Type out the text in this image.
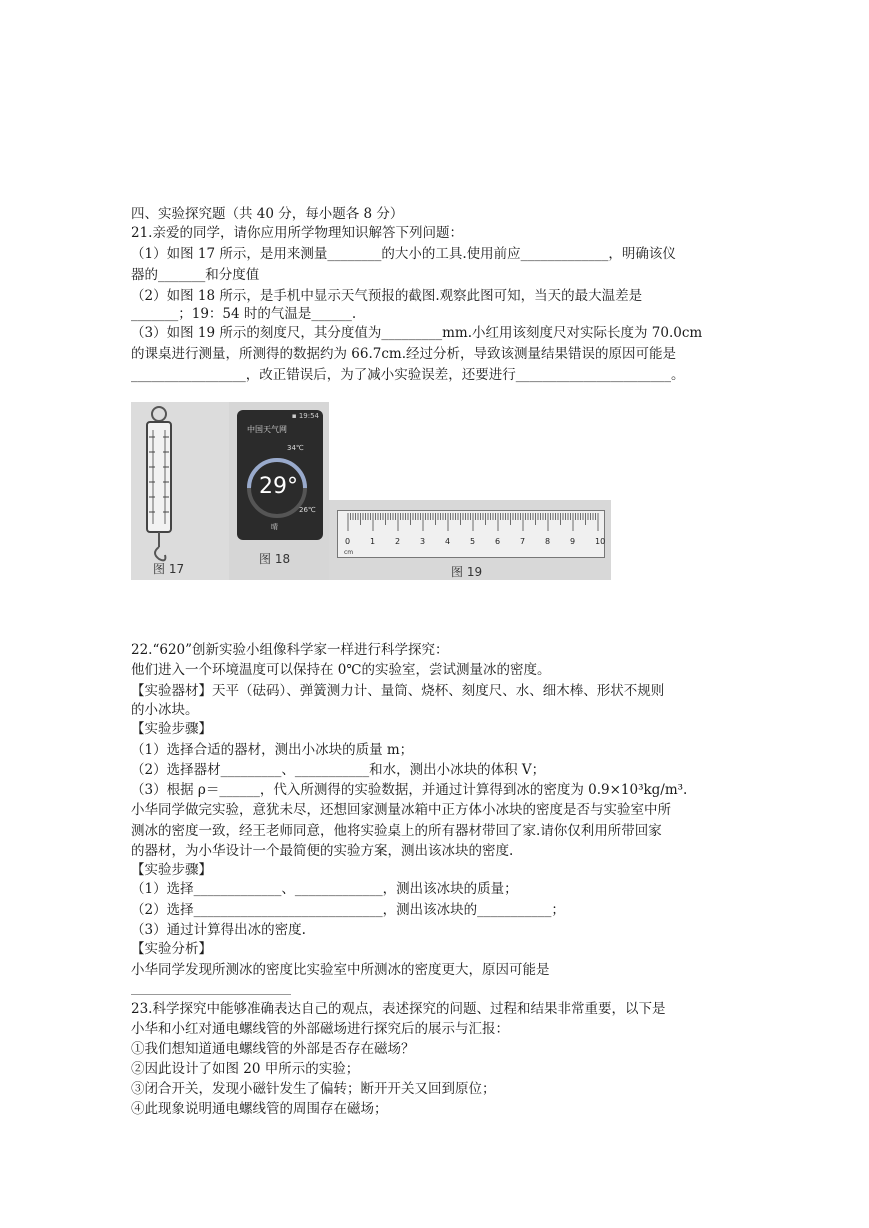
四、实验探究题（共 40 分，每小题各 8 分）
21.亲爱的同学，请你应用所学物理知识解答下列问题：
（1）如图 17 所示，是用来测量________的大小的工具.使用前应_____________，明确该仪
器的_______和分度值
（2）如图 18 所示，是手机中显示天气预报的截图.观察此图可知，当天的最大温差是
_______；19：54 时的气温是______.
（3）如图 19 所示的刻度尺，其分度值为_________mm.小红用该刻度尺对实际长度为 70.0cm
的课桌进行测量，所测得的数据约为 66.7cm.经过分析，导致该测量结果错误的原因可能是
_________________，改正错误后，为了减小实验误差，还要进行_______________________。
图 17
▪ 19:54
中国天气网
34℃
29°
26℃
晴
图 18
0 1 2 3 4 5 6 7 8 9 10
cm
图 19
22.“620”创新实验小组像科学家一样进行科学探究：
他们进入一个环境温度可以保持在 0℃的实验室，尝试测量冰的密度。
【实验器材】天平（砝码）、弹簧测力计、量筒、烧杯、刻度尺、水、细木棒、形状不规则
的小冰块。
【实验步骤】
（1）选择合适的器材，测出小冰块的质量 m；
（2）选择器材_________、___________和水，测出小冰块的体积 V；
（3）根据 ρ＝______，代入所测得的实验数据，并通过计算得到冰的密度为 0.9×10³kg/m³.
小华同学做完实验，意犹未尽，还想回家测量冰箱中正方体小冰块的密度是否与实验室中所
测冰的密度一致，经王老师同意，他将实验桌上的所有器材带回了家.请你仅利用所带回家
的器材，为小华设计一个最简便的实验方案，测出该冰块的密度.
【实验步骤】
（1）选择_____________、_____________，测出该冰块的质量；
（2）选择____________________________，测出该冰块的___________；
（3）通过计算得出冰的密度.
【实验分析】
小华同学发现所测冰的密度比实验室中所测冰的密度更大，原因可能是
23.科学探究中能够准确表达自己的观点，表述探究的问题、过程和结果非常重要，以下是
小华和小红对通电螺线管的外部磁场进行探究后的展示与汇报：
①我们想知道通电螺线管的外部是否存在磁场？
②因此设计了如图 20 甲所示的实验；
③闭合开关，发现小磁针发生了偏转；断开开关又回到原位；
④此现象说明通电螺线管的周围存在磁场；
